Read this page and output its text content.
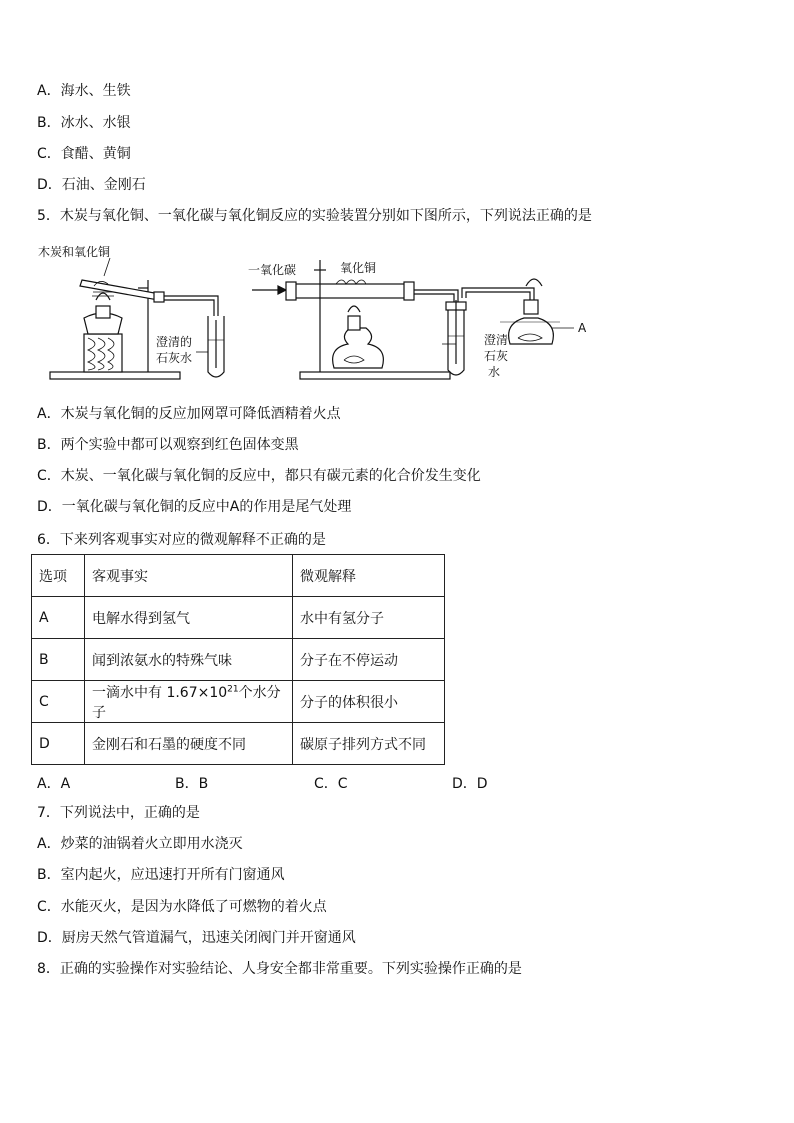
A．海水、生铁
B．冰水、水银
C．食醋、黄铜
D．石油、金刚石
5．木炭与氧化铜、一氧化碳与氧化铜反应的实验装置分别如下图所示，下列说法正确的是
木炭和氧化铜
澄清的
石灰水
一氧化碳	氧化铜
澄清
石灰
水
A
A．木炭与氧化铜的反应加网罩可降低酒精着火点
B．两个实验中都可以观察到红色固体变黑
C．木炭、一氧化碳与氧化铜的反应中，都只有碳元素的化合价发生变化
D．一氧化碳与氧化铜的反应中A的作用是尾气处理
6．下来列客观事实对应的微观解释不正确的是
选项	客观事实	微观解释
A	电解水得到氢气	水中有氢分子
B	闻到浓氨水的特殊气味	分子在不停运动
C	一滴水中有 $1.67\times 10^{21}$个水分子	分子的体积很小
D	金刚石和石墨的硬度不同	碳原子排列方式不同
A．A	B．B	C．C	D．D
7．下列说法中，正确的是
A．炒菜的油锅着火立即用水浇灭
B．室内起火，应迅速打开所有门窗通风
C．水能灭火，是因为水降低了可燃物的着火点
D．厨房天然气管道漏气，迅速关闭阀门并开窗通风
8．正确的实验操作对实验结论、人身安全都非常重要。下列实验操作正确的是
